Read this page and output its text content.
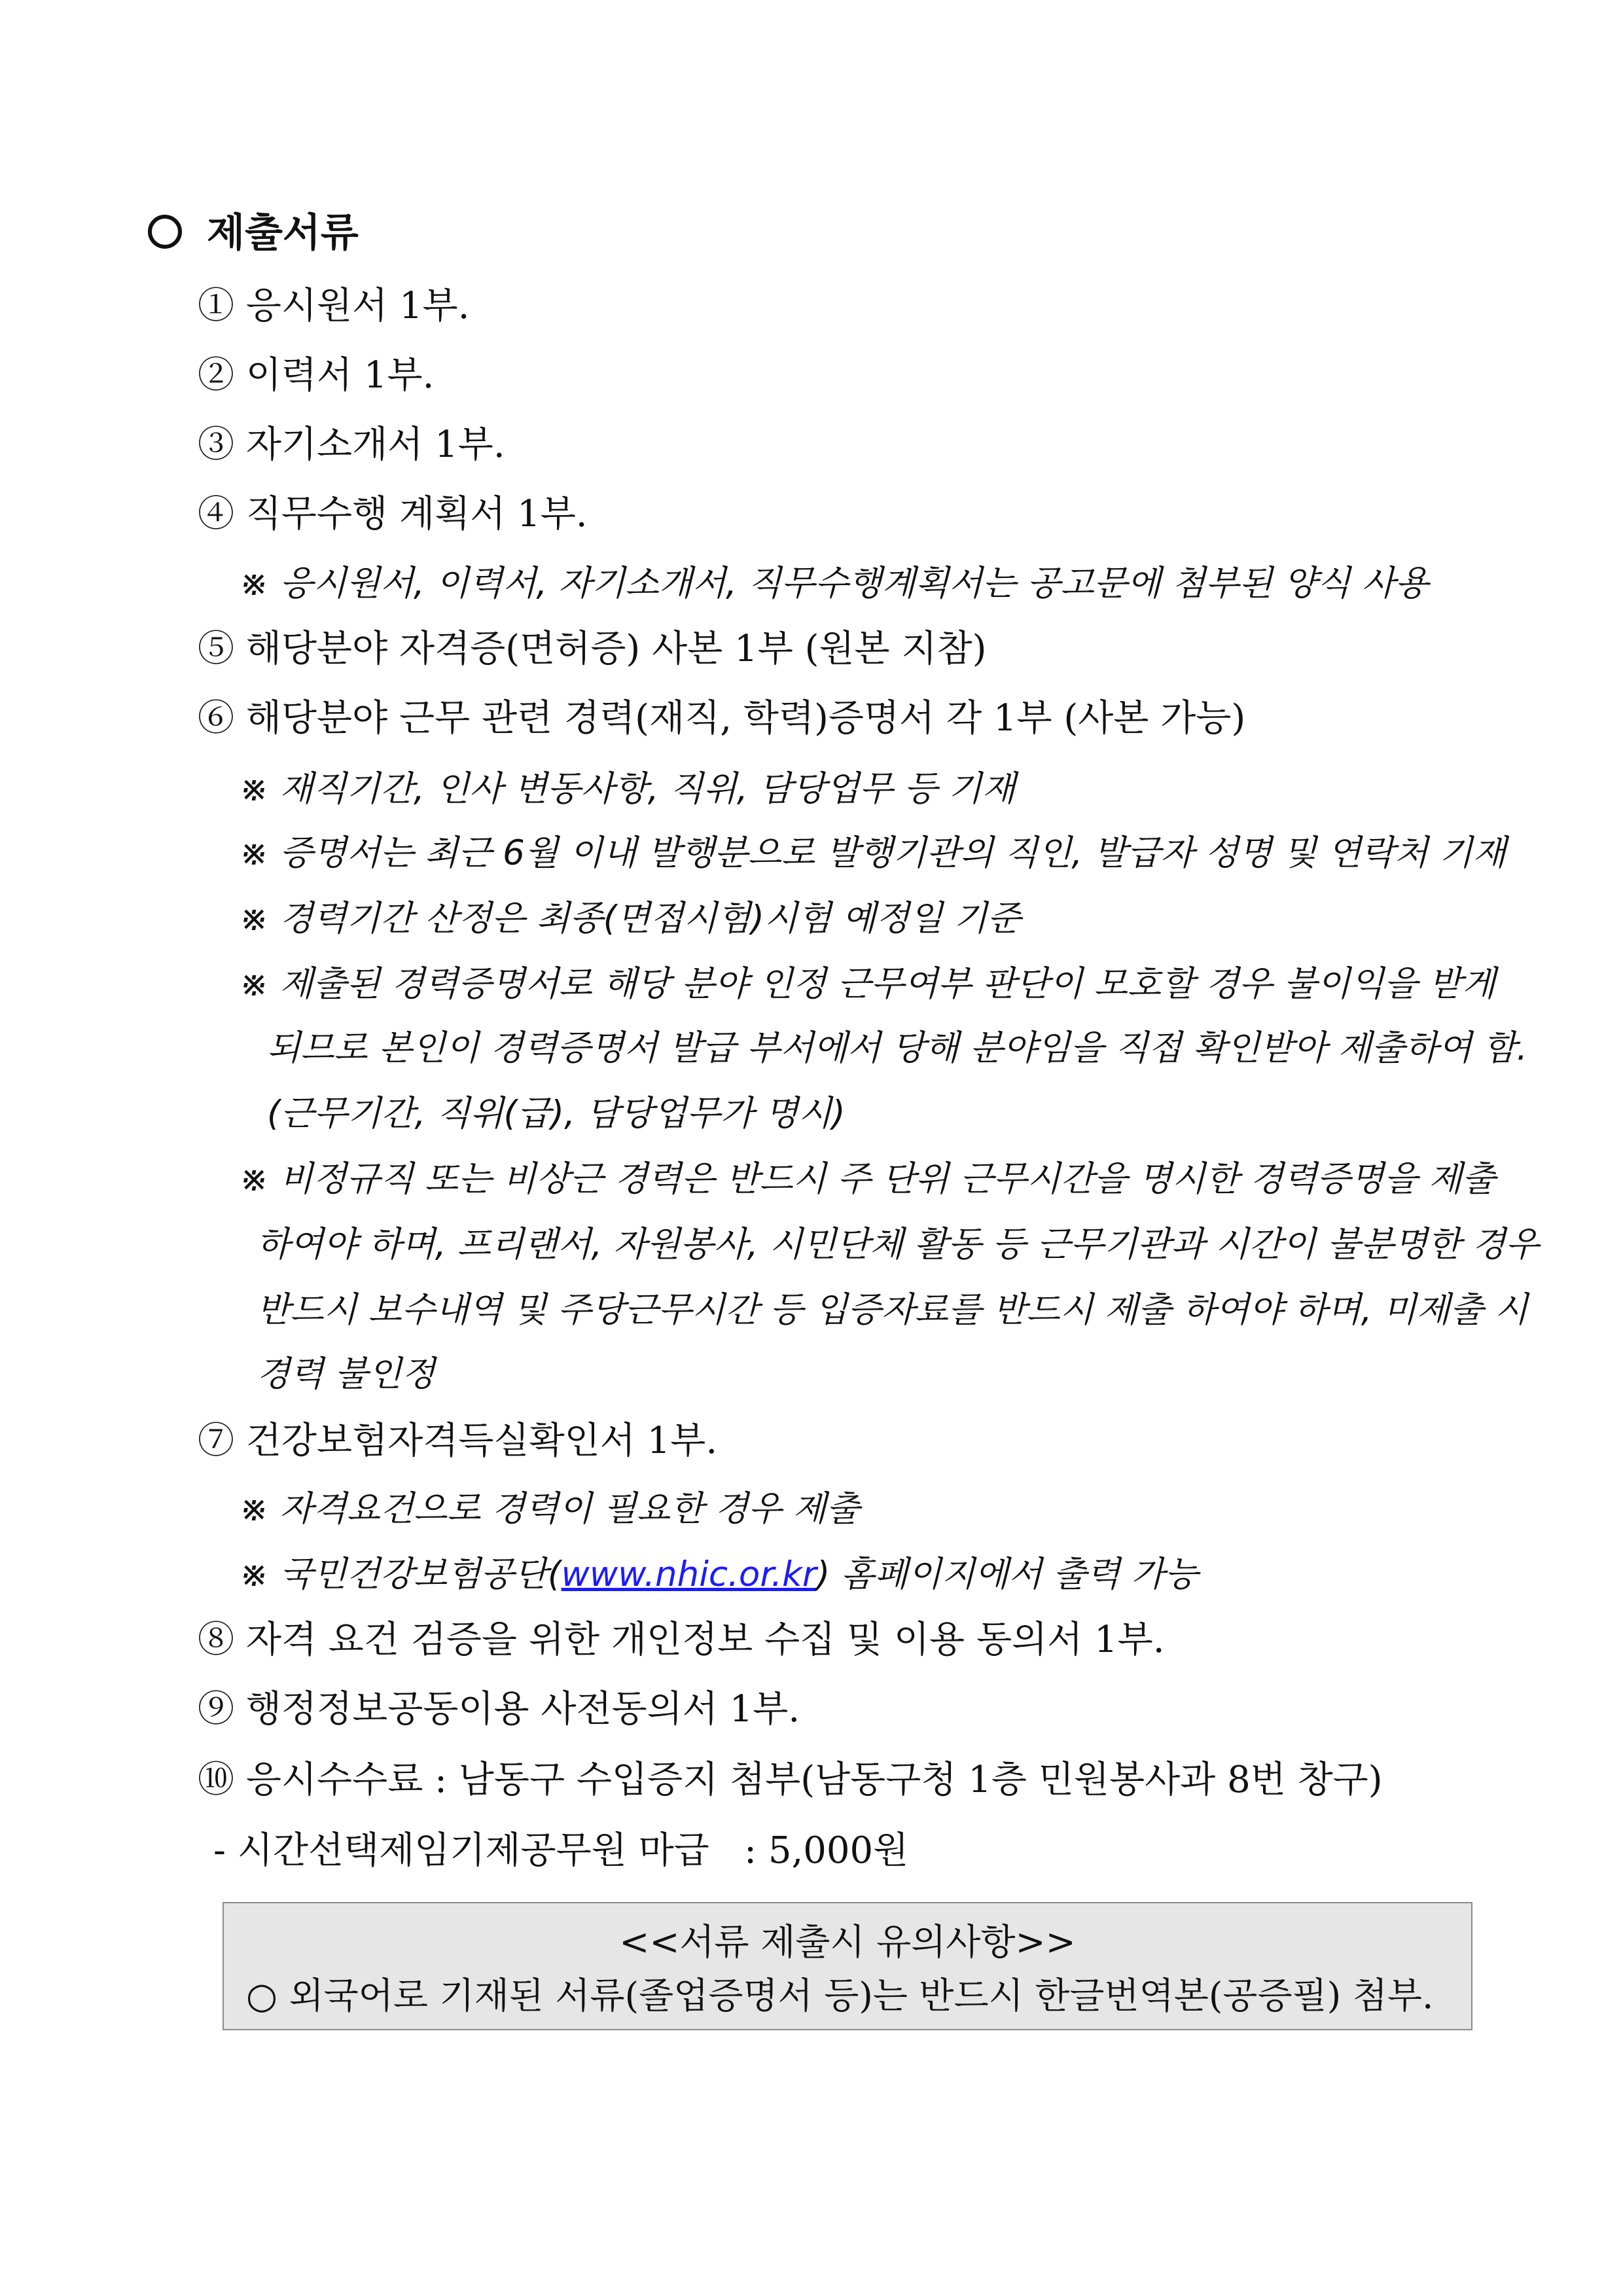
제출서류
① 응시원서 1부.
② 이력서 1부.
③ 자기소개서 1부.
④ 직무수행 계획서 1부.
※ 응시원서, 이력서, 자기소개서, 직무수행계획서는 공고문에 첨부된 양식 사용
⑤ 해당분야 자격증(면허증) 사본 1부 (원본 지참)
⑥ 해당분야 근무 관련 경력(재직, 학력)증명서 각 1부 (사본 가능)
※ 재직기간, 인사 변동사항, 직위, 담당업무 등 기재
※ 증명서는 최근 6월 이내 발행분으로 발행기관의 직인, 발급자 성명 및 연락처 기재
※ 경력기간 산정은 최종(면접시험)시험 예정일 기준
※ 제출된 경력증명서로 해당 분야 인정 근무여부 판단이 모호할 경우 불이익을 받게
되므로 본인이 경력증명서 발급 부서에서 당해 분야임을 직접 확인받아 제출하여 함.
(근무기간, 직위(급), 담당업무가 명시)
※ 비정규직 또는 비상근 경력은 반드시 주 단위 근무시간을 명시한 경력증명을 제출
하여야 하며, 프리랜서, 자원봉사, 시민단체 활동 등 근무기관과 시간이 불분명한 경우
반드시 보수내역 및 주당근무시간 등 입증자료를 반드시 제출 하여야 하며, 미제출 시
경력 불인정
⑦ 건강보험자격득실확인서 1부.
※ 자격요건으로 경력이 필요한 경우 제출
※ 국민건강보험공단(www.nhic.or.kr) 홈페이지에서 출력 가능
⑧ 자격 요건 검증을 위한 개인정보 수집 및 이용 동의서 1부.
⑨ 행정정보공동이용 사전동의서 1부.
⑩ 응시수수료 : 남동구 수입증지 첨부(남동구청 1층 민원봉사과 8번 창구)
- 시간선택제임기제공무원 마급   : 5,000원
<<서류 제출시 유의사항>>
○ 외국어로 기재된 서류(졸업증명서 등)는 반드시 한글번역본(공증필) 첨부.
